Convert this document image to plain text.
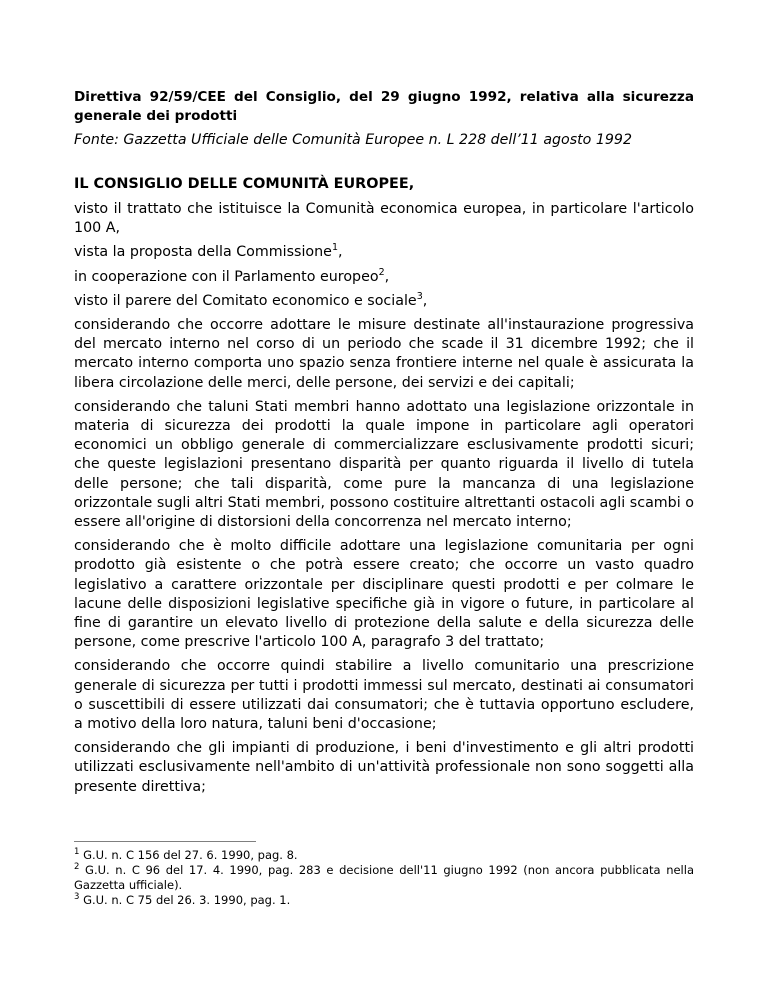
Direttiva 92/59/CEE del Consiglio, del 29 giugno 1992, relativa alla sicurezza generale dei prodotti
Fonte: Gazzetta Ufficiale delle Comunità Europee n. L 228 dell’11 agosto 1992
IL CONSIGLIO DELLE COMUNITÀ EUROPEE,

visto il trattato che istituisce la Comunità economica europea, in particolare l'articolo 100 A,

vista la proposta della Commissione$^1$,

in cooperazione con il Parlamento europeo$^2$,

visto il parere del Comitato economico e sociale$^3$,

considerando che occorre adottare le misure destinate all'instaurazione progressiva del mercato interno nel corso di un periodo che scade il 31 dicembre 1992; che il mercato interno comporta uno spazio senza frontiere interne nel quale è assicurata la libera circolazione delle merci, delle persone, dei servizi e dei capitali;

considerando che taluni Stati membri hanno adottato una legislazione orizzontale in materia di sicurezza dei prodotti la quale impone in particolare agli operatori economici un obbligo generale di commercializzare esclusivamente prodotti sicuri; che queste legislazioni presentano disparità per quanto riguarda il livello di tutela delle persone; che tali disparità, come pure la mancanza di una legislazione orizzontale sugli altri Stati membri, possono costituire altrettanti ostacoli agli scambi o essere all'origine di distorsioni della concorrenza nel mercato interno;

considerando che è molto difficile adottare una legislazione comunitaria per ogni prodotto già esistente o che potrà essere creato; che occorre un vasto quadro legislativo a carattere orizzontale per disciplinare questi prodotti e per colmare le lacune delle disposizioni legislative specifiche già in vigore o future, in particolare al fine di garantire un elevato livello di protezione della salute e della sicurezza delle persone, come prescrive l'articolo 100 A, paragrafo 3 del trattato;

considerando che occorre quindi stabilire a livello comunitario una prescrizione generale di sicurezza per tutti i prodotti immessi sul mercato, destinati ai consumatori o suscettibili di essere utilizzati dai consumatori; che è tuttavia opportuno escludere, a motivo della loro natura, taluni beni d'occasione;

considerando che gli impianti di produzione, i beni d'investimento e gli altri prodotti utilizzati esclusivamente nell'ambito di un'attività professionale non sono soggetti alla presente direttiva;

$^1$ G.U. n. C 156 del 27. 6. 1990, pag. 8.

$^2$ G.U. n. C 96 del 17. 4. 1990, pag. 283 e decisione dell'11 giugno 1992 (non ancora pubblicata nella Gazzetta ufficiale).

$^3$ G.U. n. C 75 del 26. 3. 1990, pag. 1.
